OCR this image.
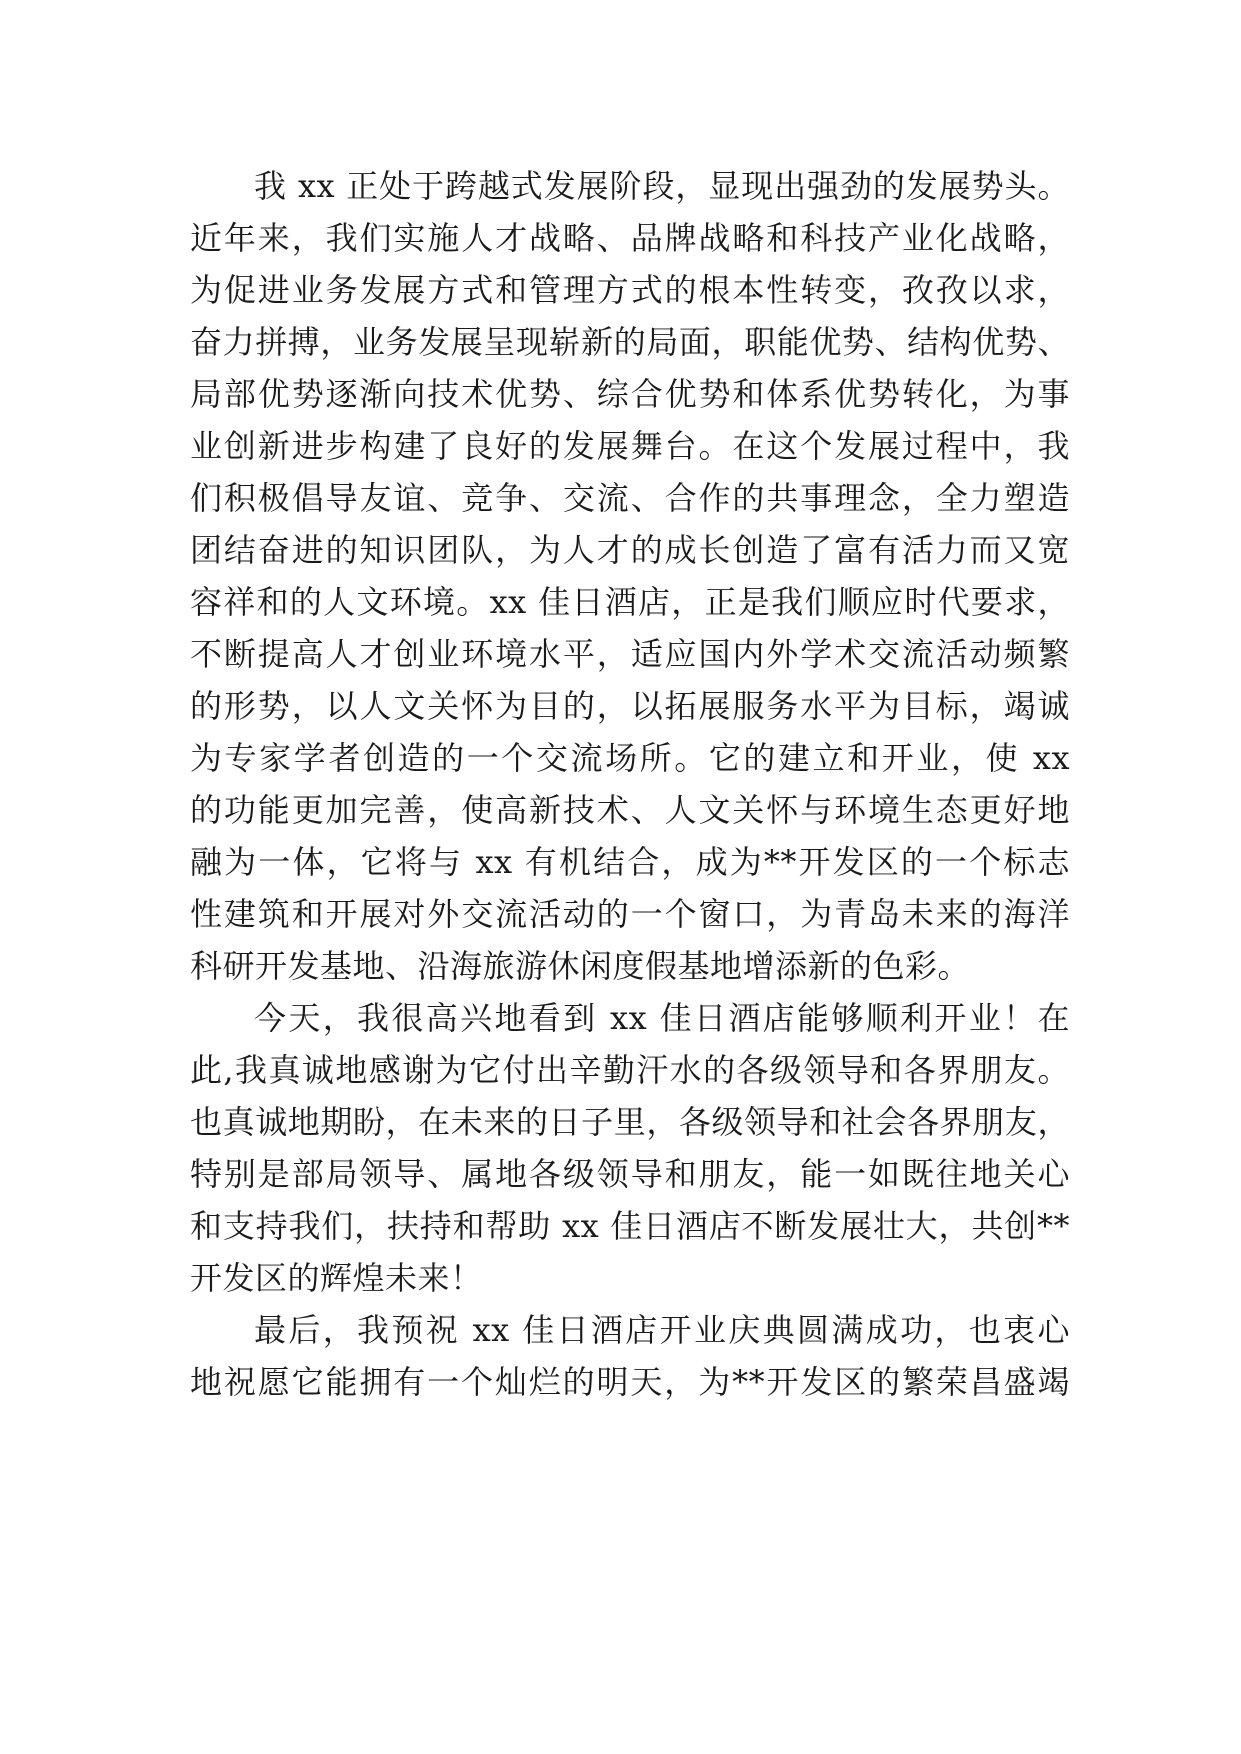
我 xx 正处于跨越式发展阶段，显现出强劲的发展势头。
近年来，我们实施人才战略、品牌战略和科技产业化战略，
为促进业务发展方式和管理方式的根本性转变，孜孜以求，
奋力拼搏，业务发展呈现崭新的局面，职能优势、结构优势、
局部优势逐渐向技术优势、综合优势和体系优势转化，为事
业创新进步构建了良好的发展舞台。在这个发展过程中，我
们积极倡导友谊、竞争、交流、合作的共事理念，全力塑造
团结奋进的知识团队，为人才的成长创造了富有活力而又宽
容祥和的人文环境。xx 佳日酒店，正是我们顺应时代要求，
不断提高人才创业环境水平，适应国内外学术交流活动频繁
的形势，以人文关怀为目的，以拓展服务水平为目标，竭诚
为专家学者创造的一个交流场所。它的建立和开业，使 xx
的功能更加完善，使高新技术、人文关怀与环境生态更好地
融为一体，它将与 xx 有机结合，成为**开发区的一个标志
性建筑和开展对外交流活动的一个窗口，为青岛未来的海洋
科研开发基地、沿海旅游休闲度假基地增添新的色彩。
今天，我很高兴地看到 xx 佳日酒店能够顺利开业！在
此,我真诚地感谢为它付出辛勤汗水的各级领导和各界朋友。
也真诚地期盼，在未来的日子里，各级领导和社会各界朋友，
特别是部局领导、属地各级领导和朋友，能一如既往地关心
和支持我们，扶持和帮助 xx 佳日酒店不断发展壮大，共创**
开发区的辉煌未来！
最后，我预祝 xx 佳日酒店开业庆典圆满成功，也衷心
地祝愿它能拥有一个灿烂的明天，为**开发区的繁荣昌盛竭
